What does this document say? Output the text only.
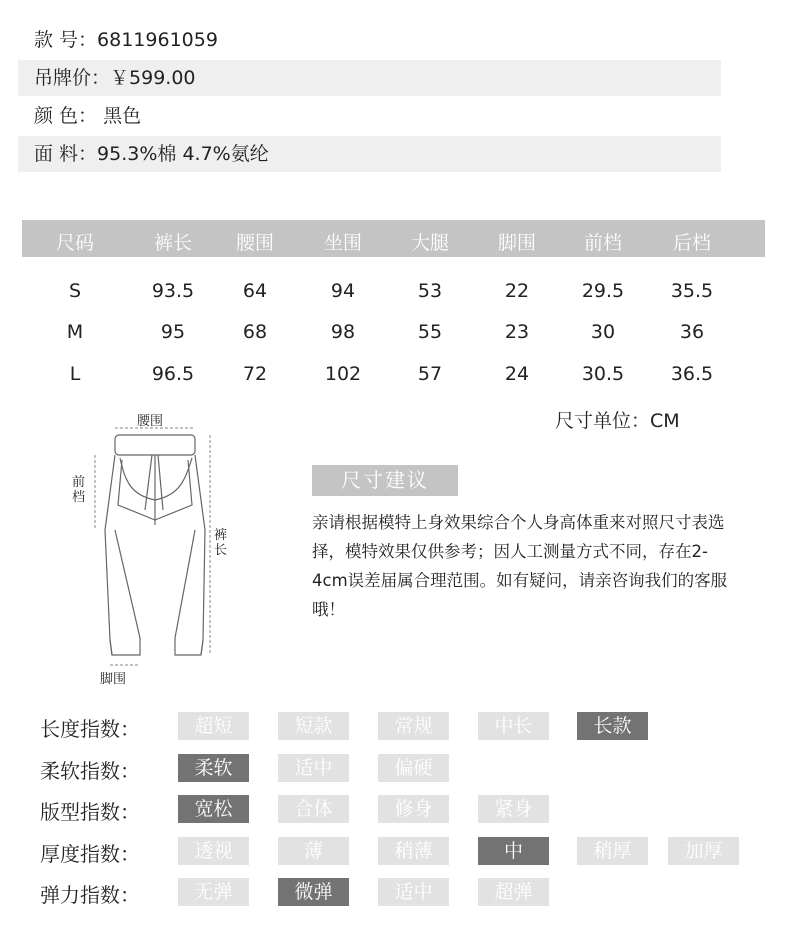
尺码	裤长	腰围	坐围	大腿	脚围	前档	后档
尺寸单位：CM
腰围
前档
裤长
脚围
尺寸建议
亲请根据模特上身效果综合个人身高体重来对照尺寸表选择，模特效果仅供参考；因人工测量方式不同，存在2-4cm误差届属合理范围。如有疑问，请亲咨询我们的客服哦！
款 号：6811961059
吊牌价：￥599.00
颜 色： 黑色
面 料：95.3%棉 4.7%氨纶
S	93.5	64	94	53	22	29.5	35.5
M	95	68	98	55	23	30	36
L	96.5	72	102	57	24	30.5	36.5
长度指数：	超短	短款	常规	中长	长款
柔软指数：	柔软	适中	偏硬
版型指数：	宽松	合体	修身	紧身
厚度指数：	透视	薄	稍薄	中	稍厚	加厚
弹力指数：	无弹	微弹	适中	超弹
